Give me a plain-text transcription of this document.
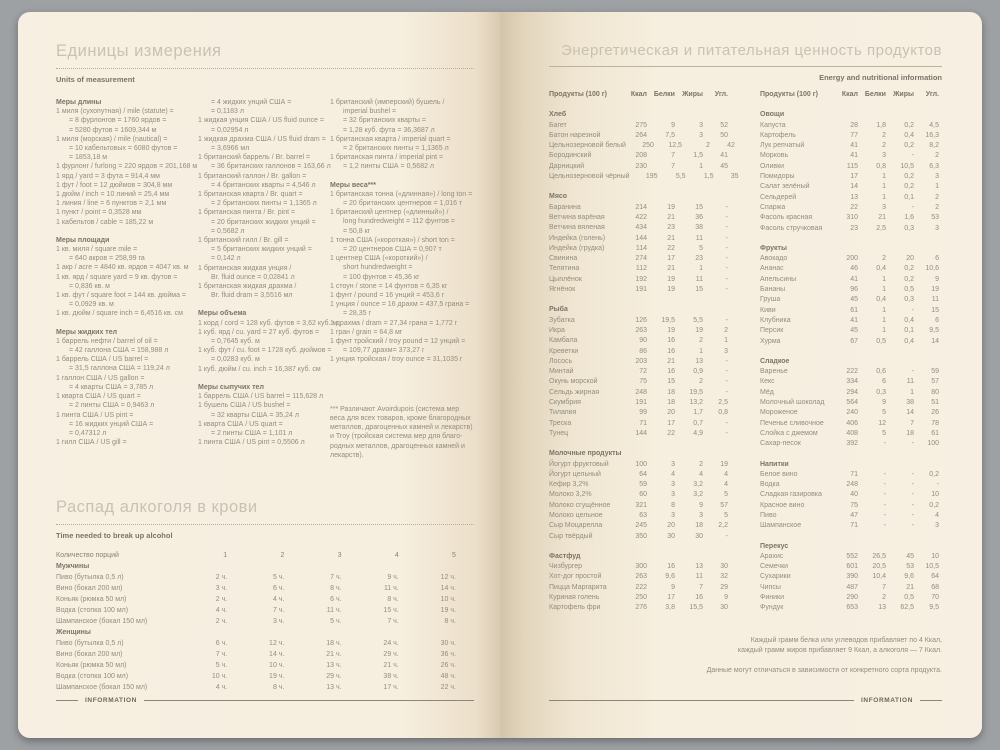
Единицы измерения
Units of measurement
Меры длины
1 миля (сухопутная) / mile (statute) =
= 8 фурлонгов = 1760 ярдов =
= 5280 футов = 1609,344 м
1 миля (морская) / mile (nautical) =
= 10 кабельтовых = 6080 футов =
= 1853,18 м
1 фурлонг / furlong = 220 ярдов = 201,168 м
1 ярд / yard = 3 фута = 914,4 мм
1 фут / foot = 12 дюймов = 304,8 мм
1 дюйм / inch = 10 линий = 25,4 мм
1 линия / line = 6 пунктов = 2,1 мм
1 пункт / point = 0,3528 мм
1 кабельтов / cable = 185,22 м
Меры площади
1 кв. миля / square mile =
= 640 акров = 258,99 га
1 акр / acre = 4840 кв. ярдов = 4047 кв. м
1 кв. ярд / square yard = 9 кв. футов =
= 0,836 кв. м
1 кв. фут / square foot = 144 кв. дюйма =
= 0,0929 кв. м
1 кв. дюйм / square inch = 6,4516 кв. см
Меры жидких тел
1 баррель нефти / barrel of oil =
= 42 галлона США = 158,988 л
1 баррель США / US barrel =
= 31,5 галлона США = 119,24 л
1 галлон США / US gallon =
= 4 кварты США = 3,785 л
1 кварта США / US quart =
= 2 пинты США = 0,9463 л
1 пинта США / US pint =
= 16 жидких унций США =
= 0,47312 л
1 гилл США / US gill =
= 4 жидких унций США =
= 0,1183 л
1 жидкая унция США / US fluid ounce =
= 0,02954 л
1 жидкая драхма США / US fluid dram =
= 3,6966 мл
1 британский баррель / Br. barrel =
= 36 британских галлонов = 163,66 л
1 британский галлон / Br. gallon =
= 4 британских кварты = 4,546 л
1 британская кварта / Br. quart =
= 2 британских пинты = 1,1365 л
1 британская пинта / Br. pint =
= 20 британских жидких унций =
= 0,5682 л
1 британский гилл / Br. gill =
= 5 британских жидких унций =
= 0,142 л
1 британская жидкая унция /
Br. fluid ounce = 0,02841 л
1 британская жидкая драхма /
Br. fluid dram = 3,5516 мл
Меры объема
1 корд / cord = 128 куб. футов = 3,62 куб. м
1 куб. ярд / cu. yard = 27 куб. футов =
= 0,7645 куб. м
1 куб. фут / cu. foot = 1728 куб. дюймов =
= 0,0283 куб. м
1 куб. дюйм / cu. inch = 16,387 куб. см
Меры сыпучих тел
1 баррель США / US barrel = 115,628 л
1 бушель США / US bushel =
= 32 кварты США = 35,24 л
1 кварта США / US quart =
= 2 пинты США = 1,101 л
1 пинта США / US pint = 0,5506 л
1 британский (имперский) бушель /
imperial bushel =
= 32 британских кварты =
= 1,28 куб. фута = 36,3687 л
1 британская кварта / imperial quart =
= 2 британских пинты = 1,1365 л
1 британская пинта / imperial pint =
= 1,2 пинты США = 0,5682 л
Меры веса***
1 британская тонна («длинная») / long ton =
= 20 британских центнеров = 1,016 т
1 британский центнер («длинный») /
long hundredweight = 112 фунтов =
= 50,8 кг
1 тонна США («короткая») / short ton =
= 20 центнеров США = 0,907 т
1 центнер США («короткий») /
short hundredweight =
= 100 фунтов = 45,36 кг
1 стоун / stone = 14 фунтов = 6,35 кг
1 фунт / pound = 16 унций = 453,6 г
1 унция / ounce = 16 драхм = 437,5 грана =
= 28,35 г
1 драхма / dram = 27,34 грана = 1,772 г
1 гран / grain = 64,8 мг
1 фунт тройский / troy pound = 12 унций =
= 109,77 драхм= 373,27 г
1 унция тройская / troy ounce = 31,1035 г
*** Различают Avoirdupois (система мер
веса для всех товаров, кроме благородных
металлов, драгоценных камней и лекарств)
и Troy (тройская система мер для благо-
родных металлов, драгоценных камней и
лекарств).
Распад алкоголя в крови
Time needed to break up alcohol
Количество порций	1	2	3	4	5
Мужчины
Пиво (бутылка 0,5 л)	2 ч.	5 ч.	7 ч.	9 ч.	12 ч.
Вино (бокал 200 мл)	3 ч.	6 ч.	8 ч.	11 ч.	14 ч.
Коньяк (рюмка 50 мл)	2 ч.	4 ч.	6 ч.	8 ч.	10 ч.
Водка (стопка 100 мл)	4 ч.	7 ч.	11 ч.	15 ч.	19 ч.
Шампанское (бокал 150 мл)	2 ч.	3 ч.	5 ч.	7 ч.	8 ч.
Женщины
Пиво (бутылка 0,5 л)	6 ч.	12 ч.	18 ч.	24 ч.	30 ч.
Вино (бокал 200 мл)	7 ч.	14 ч.	21 ч.	29 ч.	36 ч.
Коньяк (рюмка 50 мл)	5 ч.	10 ч.	13 ч.	21 ч.	26 ч.
Водка (стопка 100 мл)	10 ч.	19 ч.	29 ч.	38 ч.	48 ч.
Шампанское (бокал 150 мл)	4 ч.	8 ч.	13 ч.	17 ч.	22 ч.
INFORMATION
Энергетическая и питательная ценность продуктов
Energy and nutritional information
Продукты (100 г)	Ккал Белки	Жиры	Угл.
Хлеб
Багет	275	9	3	52
Батон нарезной	264	7,5	3	50
Цельнозерновой белый	250	12,5	2	42
Бородинский	208	7	1,5	41
Дарницкий	230	7	1	45
Цельнозерновой чёрный	195	5,5	1,5	35
Мясо
Баранина	214	19	15	-
Ветчина варёная	422	21	36	-
Ветчина вяленая	434	23	38	-
Индейка (голень)	144	21	11	-
Индейка (грудка)	114	22	5	-
Свинина	274	17	23	-
Телятина	112	21	1	-
Цыплёнок	192	19	11	-
Ягнёнок	191	19	15	-
Рыба
Зубатка	126	19,5	5,5	-
Икра	263	19	19	2
Камбала	90	16	2	1
Креветки	86	16	1	3
Лосось	203	21	13	-
Минтай	72	16	0,9	-
Окунь морской	75	15	2	-
Сельдь жирная	248	18	19,5	-
Скумбрия	191	18	13,2	2,5
Тилапия	99	20	1,7	0,8
Треска	71	17	0,7	-
Тунец	144	22	4,9	-
Молочные продукты
Йогурт фруктовый	100	3	2	19
Йогурт цельный	64	4	4	4
Кефир 3,2%	59	3	3,2	4
Молоко 3,2%	60	3	3,2	5
Молоко сгущённое	321	8	9	57
Молоко цельное	63	3	3	5
Сыр Моцарелла	245	20	18	2,2
Сыр твёрдый	350	30	30	-
Фастфуд
Чизбургер	300	16	13	30
Хот-дог простой	263	9,6	11	32
Пицца Маргарита	222	9	7	29
Куриная голень	250	17	16	9
Картофель фри	276	3,8	15,5	30
Продукты (100 г)	Ккал Белки	Жиры	Угл.
Овощи
Капуста	28	1,8	0,2	4,5
Картофель	77	2	0,4	16,3
Лук репчатый	41	2	0,2	8,2
Морковь	41	3	-	2
Оливки	115	0,8	10,5	6,3
Помидоры	17	1	0,2	3
Салат зелёный	14	1	0,2	1
Сельдерей	13	1	0,1	2
Спаржа	22	3	-	2
Фасоль красная	310	21	1,6	53
Фасоль стручковая	23	2,5	0,3	3
Фрукты
Авокадо	200	2	20	6
Ананас	46	0,4	0,2	10,6
Апельсины	41	1	0,2	9
Бананы	96	1	0,5	19
Груша	45	0,4	0,3	11
Киви	61	1	-	15
Клубника	41	1	0,4	6
Персик	45	1	0,1	9,5
Хурма	67	0,5	0,4	14
Сладкое
Варенье	222	0,6	-	59
Кекс	334	6	11	57
Мёд	294	0,3	1	80
Молочный шоколад	564	9	38	51
Мороженое	240	5	14	26
Печенье сливочное	406	12	7	78
Слойка с джемом	408	5	18	61
Сахар-песок	392	-	-	100
Напитки
Белое вино	71	-	-	0,2
Водка	248	-	-	-
Сладкая газировка	40	-	-	10
Красное вино	75	-	-	0,2
Пиво	47	-	-	4
Шампанское	71	-	-	3
Перекус
Арахис	552	26,5	45	10
Семечки	601	20,5	53	10,5
Сухарики	390	10,4	9,6	64
Чипсы	487	7	21	68
Финики	290	2	0,5	70
Фундук	653	13	62,5	9,5
Каждый грамм белка или углеводов прибавляет по 4 Ккал,
каждый грамм жиров прибавляет 9 Ккал, а алкоголя — 7 Ккал.
Данные могут отличаться в зависимости от конкретного сорта продукта.
INFORMATION
